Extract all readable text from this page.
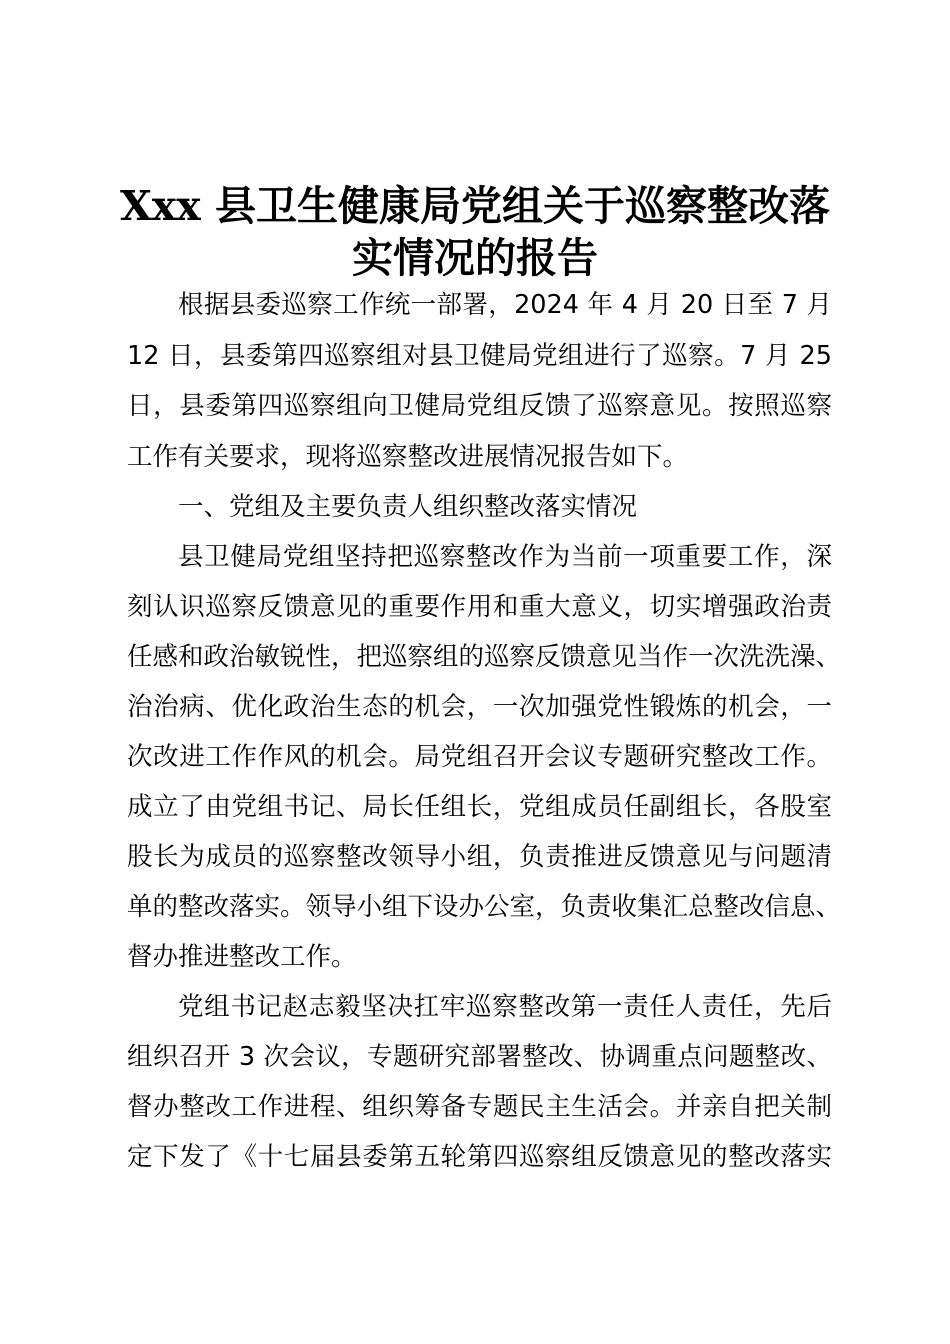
Xxx 县卫生健康局党组关于巡察整改落
实情况的报告
根据县委巡察工作统一部署，2024 年 4 月 20 日至 7 月
12 日，县委第四巡察组对县卫健局党组进行了巡察。7 月 25
日，县委第四巡察组向卫健局党组反馈了巡察意见。按照巡察
工作有关要求，现将巡察整改进展情况报告如下。
一、党组及主要负责人组织整改落实情况
县卫健局党组坚持把巡察整改作为当前一项重要工作，深
刻认识巡察反馈意见的重要作用和重大意义，切实增强政治责
任感和政治敏锐性，把巡察组的巡察反馈意见当作一次洗洗澡、
治治病、优化政治生态的机会，一次加强党性锻炼的机会，一
次改进工作作风的机会。局党组召开会议专题研究整改工作。
成立了由党组书记、局长任组长，党组成员任副组长，各股室
股长为成员的巡察整改领导小组，负责推进反馈意见与问题清
单的整改落实。领导小组下设办公室，负责收集汇总整改信息、
督办推进整改工作。
党组书记赵志毅坚决扛牢巡察整改第一责任人责任，先后
组织召开 3 次会议，专题研究部署整改、协调重点问题整改、
督办整改工作进程、组织筹备专题民主生活会。并亲自把关制
定下发了《十七届县委第五轮第四巡察组反馈意见的整改落实
